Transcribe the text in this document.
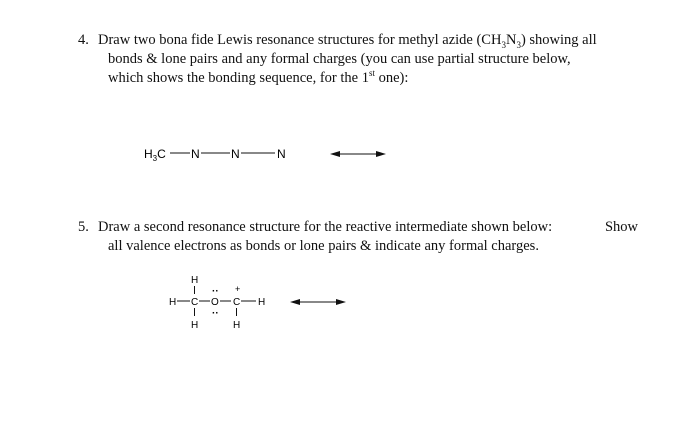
4. Draw two bona fide Lewis resonance structures for methyl azide $(CH_3N_3)$ showing all
bonds & lone pairs and any formal charges (you can use partial structure below,
which shows the bonding sequence, for the 1st one):
$H_3C$ N	N	N
5. Draw a second resonance structure for the reactive intermediate shown below:	Show
all valence electrons as bonds or lone pairs & indicate any formal charges.
H
H C O
··
··
C
+
H
H	H
